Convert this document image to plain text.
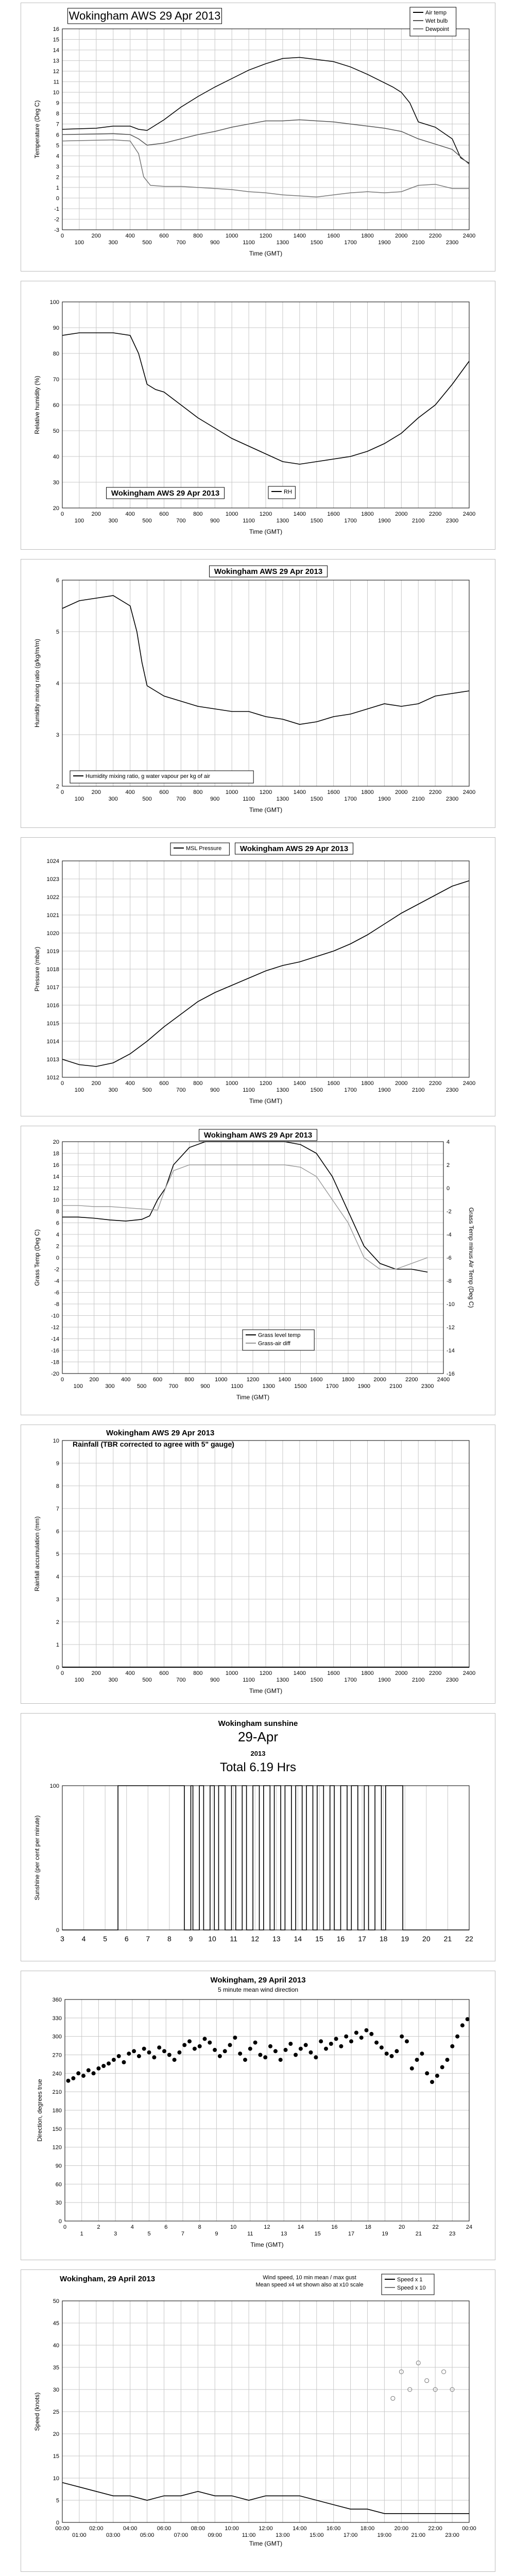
-3
-2
-1
0
1
2
3
4
5
6
7
8
9
10
11
12
13
14
15
16
0
100
200
300
400
500
600
700
800
900
1000
1100
1200
1300
1400
1500
1600
1700
1800
1900
2000
2100
2200
2300
2400
Time (GMT)
Temperature (Deg C)
Wokingham AWS 29 Apr 2013	Air temp
Wet bulb
Dewpoint
20
30
40
50
60
70
80
90
100
0
100
200
300
400
500
600
700
800
900
1000
1100
1200
1300
1400
1500
1600
1700
1800
1900
2000
2100
2200
2300
2400
Time (GMT)
Relative humidity (%)
Wokingham AWS 29 Apr 2013	RH
2
3
4
5
6
0
100
200
300
400
500
600
700
800
900
1000
1100
1200
1300
1400
1500
1600
1700
1800
1900
2000
2100
2200
2300
2400
Time (GMT)
Humidity mixing ratio (g/kg/m/m)
Wokingham AWS 29 Apr 2013
Humidity mixing ratio, g water vapour per kg of air
1012
1013
1014
1015
1016
1017
1018
1019
1020
1021
1022
1023
1024
0
100
200
300
400
500
600
700
800
900
1000
1100
1200
1300
1400
1500
1600
1700
1800
1900
2000
2100
2200
2300
2400
Time (GMT)
Pressure (mbar)
MSL Pressure Wokingham AWS 29 Apr 2013
-20
-18
-16
-14
-12
-10
-8
-6
-4
-2
0
2
4
6
8
10
12
14
16
18
20
0
100
200
300
400
500
600
700
800
900
1000
1100
1200
1300
1400
1500
1600
1700
1800
1900
2000
2100
2200
2300
2400
Time (GMT)
Grass Temp (Deg C)
-16
-14
-12
-10
-8
-6
-4
-2
0
2
4
Grass Temp minus Air Temp (Deg C)
Wokingham AWS 29 Apr 2013
Grass level temp
Grass-air diff
0
1
2
3
4
5
6
7
8
9
10
0
100
200
300
400
500
600
700
800
900
1000
1100
1200
1300
1400
1500
1600
1700
1800
1900
2000
2100
2200
2300
2400
Time (GMT)
Rainfall accumulation (mm)
Wokingham AWS 29 Apr 2013
Rainfall (TBR corrected to agree with 5" gauge)
0
100
3 4 5 6 7 8 9 10 11 12 13 14 15 16 17 18 19 20 21 22
Sunshine (per cent per minute)
Wokingham sunshine
29-Apr
2013
Total 6.19 Hrs
0
30
60
90
120
150
180
210
240
270
300
330
360
0
1
2
3
4
5
6
7
8
9
10
11
12
13
14
15
16
17
18
19
20
21
22
23
24
Time (GMT)
Direction, degrees true
Wokingham, 29 April 2013
5 minute mean wind direction
0
5
10
15
20
25
30
35
40
45
50
00:00	02:00	04:00	06:00	08:00	10:00	12:00	14:00	16:00	18:00	20:00	22:00	00:00
01:00	03:00	05:00	07:00	09:00	11:00	13:00	15:00	17:00	19:00	21:00	23:00
Time (GMT)
Speed (knots)
Wokingham, 29 April 2013	Wind speed, 10 min mean / max gust
Mean speed x4 wt shown also at x10 scale
Speed x 1
Speed x 10
